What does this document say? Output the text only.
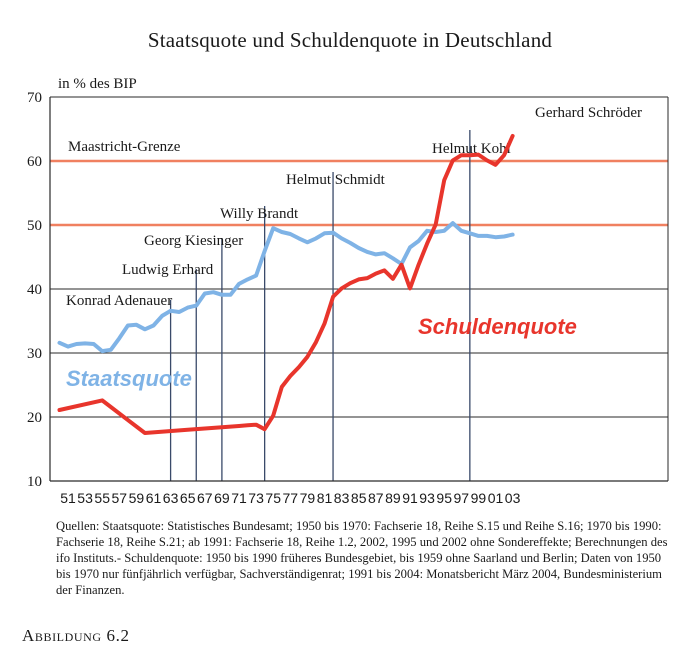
Staatsquote und Schuldenquote in Deutschland
Maastricht-Grenze
Konrad Adenauer
Ludwig Erhard
Georg Kiesinger
Willy Brandt
Helmut Schmidt
Helmut Kohl
Gerhard Schröder
10
20
30
40
50
60
70
51 53 55 57 59 61 63 65 67 69 71 73 75 77 79 81 83 85 87 89 91 93 95 97 99 01 03
in % des BIP
Staatsquote
Schuldenquote
Quellen: Staatsquote: Statistisches Bundesamt; 1950 bis 1970: Fachserie 18, Reihe S.15 und Reihe S.16; 1970 bis 1990: Fachserie 18, Reihe S.21; ab 1991: Fachserie 18, Reihe 1.2, 2002, 1995 und 2002 ohne Sondereffekte; Berechnungen des ifo Instituts.- Schuldenquote: 1950 bis 1990 früheres Bundesgebiet, bis 1959 ohne Saarland und Berlin; Daten von 1950 bis 1970 nur fünfjährlich verfügbar, Sachverständigenrat; 1991 bis 2004: Monatsbericht März 2004, Bundesministerium der Finanzen.
Abbildung 6.2
